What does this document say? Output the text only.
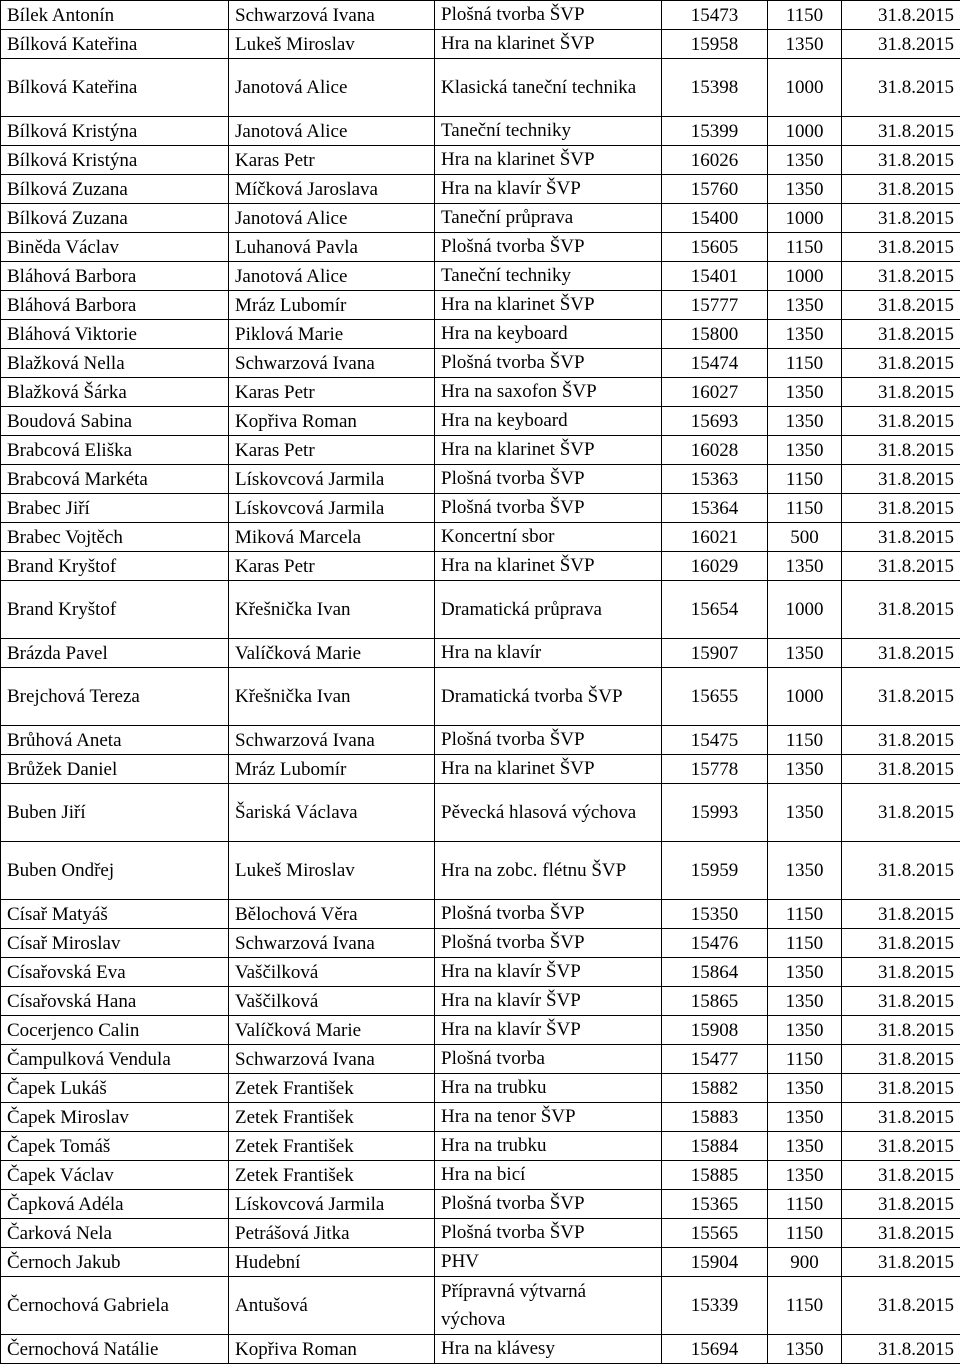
Bílek Antonín	Schwarzová Ivana	Plošná tvorba ŠVP	15473	1150	31.8.2015
Bílková Kateřina	Lukeš Miroslav	Hra na klarinet ŠVP	15958	1350	31.8.2015
Bílková Kateřina	Janotová Alice	Klasická taneční technika	15398	1000	31.8.2015
Bílková Kristýna	Janotová Alice	Taneční techniky	15399	1000	31.8.2015
Bílková Kristýna	Karas Petr	Hra na klarinet ŠVP	16026	1350	31.8.2015
Bílková Zuzana	Míčková Jaroslava	Hra na klavír ŠVP	15760	1350	31.8.2015
Bílková Zuzana	Janotová Alice	Taneční průprava	15400	1000	31.8.2015
Biněda Václav	Luhanová Pavla	Plošná tvorba ŠVP	15605	1150	31.8.2015
Bláhová Barbora	Janotová Alice	Taneční techniky	15401	1000	31.8.2015
Bláhová Barbora	Mráz Lubomír	Hra na klarinet ŠVP	15777	1350	31.8.2015
Bláhová Viktorie	Piklová Marie	Hra na keyboard	15800	1350	31.8.2015
Blažková Nella	Schwarzová Ivana	Plošná tvorba ŠVP	15474	1150	31.8.2015
Blažková Šárka	Karas Petr	Hra na saxofon ŠVP	16027	1350	31.8.2015
Boudová Sabina	Kopřiva Roman	Hra na keyboard	15693	1350	31.8.2015
Brabcová Eliška	Karas Petr	Hra na klarinet ŠVP	16028	1350	31.8.2015
Brabcová Markéta	Lískovcová Jarmila	Plošná tvorba ŠVP	15363	1150	31.8.2015
Brabec Jiří	Lískovcová Jarmila	Plošná tvorba ŠVP	15364	1150	31.8.2015
Brabec Vojtěch	Miková Marcela	Koncertní sbor	16021	500	31.8.2015
Brand Kryštof	Karas Petr	Hra na klarinet ŠVP	16029	1350	31.8.2015
Brand Kryštof	Křešnička Ivan	Dramatická průprava	15654	1000	31.8.2015
Brázda Pavel	Valíčková Marie	Hra na klavír	15907	1350	31.8.2015
Brejchová Tereza	Křešnička Ivan	Dramatická tvorba ŠVP	15655	1000	31.8.2015
Brůhová Aneta	Schwarzová Ivana	Plošná tvorba ŠVP	15475	1150	31.8.2015
Brůžek Daniel	Mráz Lubomír	Hra na klarinet ŠVP	15778	1350	31.8.2015
Buben Jiří	Šariská Václava	Pěvecká hlasová výchova	15993	1350	31.8.2015
Buben Ondřej	Lukeš Miroslav	Hra na zobc. flétnu ŠVP	15959	1350	31.8.2015
Císař Matyáš	Bělochová Věra	Plošná tvorba ŠVP	15350	1150	31.8.2015
Císař Miroslav	Schwarzová Ivana	Plošná tvorba ŠVP	15476	1150	31.8.2015
Císařovská Eva	Vaščilková	Hra na klavír ŠVP	15864	1350	31.8.2015
Císařovská Hana	Vaščilková	Hra na klavír ŠVP	15865	1350	31.8.2015
Cocerjenco Calin	Valíčková Marie	Hra na klavír ŠVP	15908	1350	31.8.2015
Čampulková Vendula	Schwarzová Ivana	Plošná tvorba	15477	1150	31.8.2015
Čapek Lukáš	Zetek František	Hra na trubku	15882	1350	31.8.2015
Čapek Miroslav	Zetek František	Hra na tenor ŠVP	15883	1350	31.8.2015
Čapek Tomáš	Zetek František	Hra na trubku	15884	1350	31.8.2015
Čapek Václav	Zetek František	Hra na bicí	15885	1350	31.8.2015
Čapková Adéla	Lískovcová Jarmila	Plošná tvorba ŠVP	15365	1150	31.8.2015
Čarková Nela	Petrášová Jitka	Plošná tvorba ŠVP	15565	1150	31.8.2015
Černoch Jakub	Hudební	PHV	15904	900	31.8.2015
Černochová Gabriela	Antušová	Přípravná výtvarná výchova	15339	1150	31.8.2015
Černochová Natálie	Kopřiva Roman	Hra na klávesy	15694	1350	31.8.2015
